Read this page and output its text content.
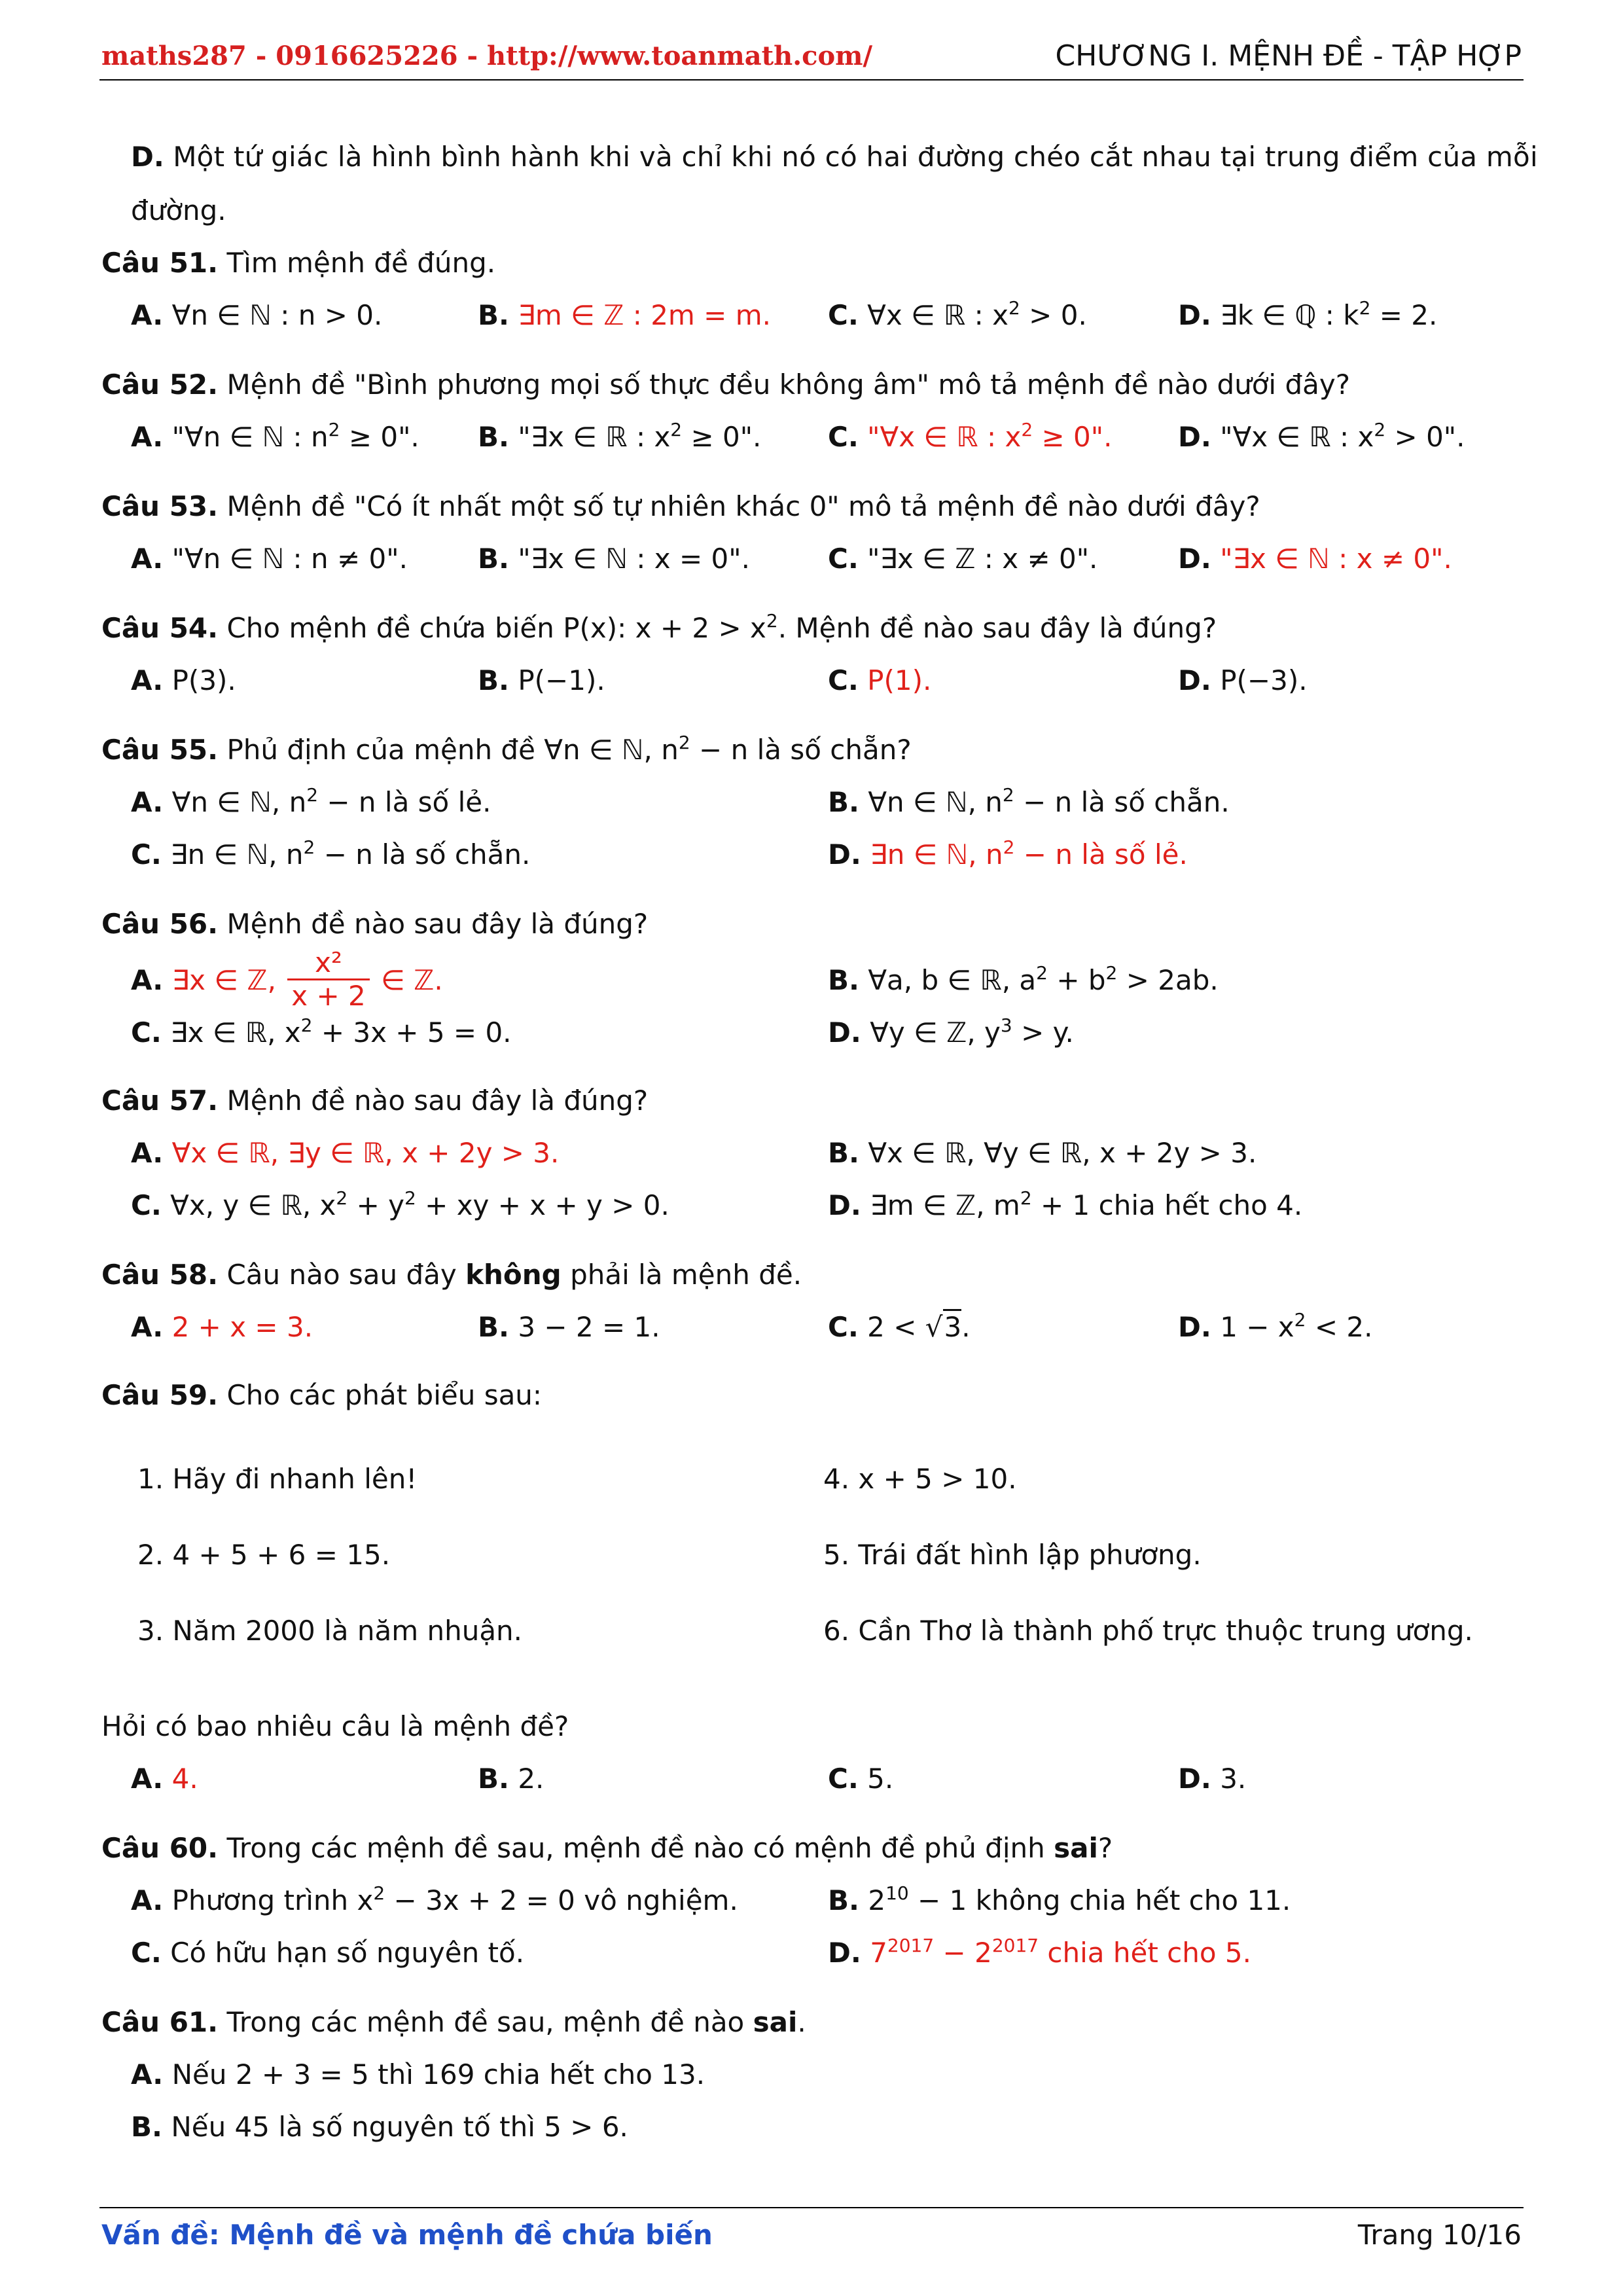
maths287 - 0916625226 - http://www.toanmath.com/	CHƯƠNG I. MỆNH ĐỀ - TẬP HỢP
D. Một tứ giác là hình bình hành khi và chỉ khi nó có hai đường chéo cắt nhau tại trung điểm của mỗi
đường.
Câu 51. Tìm mệnh đề đúng.
A. ∀n ∈ ℕ : n > 0.	B. ∃m ∈ ℤ : 2m = m. C. ∀x ∈ ℝ : $x^2 > 0$.	D. ∃k ∈ ℚ : $k^2 = 2$.
Câu 52. Mệnh đề "Bình phương mọi số thực đều không âm" mô tả mệnh đề nào dưới đây?
A. "∀n ∈ ℕ : $n^2 \ge 0$". B. "∃x ∈ ℝ : $x^2 \ge 0$". C. "∀x ∈ ℝ : $x^2 \ge 0$". D. "∀x ∈ ℝ : $x^2 > 0$".
Câu 53. Mệnh đề "Có ít nhất một số tự nhiên khác 0" mô tả mệnh đề nào dưới đây?
A. "∀n ∈ ℕ : n ≠ 0".	B. "∃x ∈ ℕ : x = 0".	C. "∃x ∈ ℤ : x ≠ 0".	D. "∃x ∈ ℕ : x ≠ 0".
Câu 54. Cho mệnh đề chứa biến P(x): $x + 2 > x^2$. Mệnh đề nào sau đây là đúng?
A. P(3).	B. P(−1).	C. P(1).	D. P(−3).
Câu 55. Phủ định của mệnh đề ∀n ∈ ℕ, $n^2 - n$ là số chẵn?
A. ∀n ∈ ℕ, $n^2 - n$ là số lẻ.	B. ∀n ∈ ℕ, $n^2 - n$ là số chẵn.
C. ∃n ∈ ℕ, $n^2 - n$ là số chẵn.	D. ∃n ∈ ℕ, $n^2 - n$ là số lẻ.
Câu 56. Mệnh đề nào sau đây là đúng?
A. ∃x ∈ ℤ, $\frac{\text{x²}}{x + 2}$ ∈ ℤ.	B. ∀a, b ∈ ℝ, $a^2 + b^2 > 2ab$.
C. ∃x ∈ ℝ, $x^2 + 3x + 5 = 0$.	D. ∀y ∈ ℤ, $y^3 > y$.
Câu 57. Mệnh đề nào sau đây là đúng?
A. ∀x ∈ ℝ, ∃y ∈ ℝ, x + 2y > 3.	B. ∀x ∈ ℝ, ∀y ∈ ℝ, x + 2y > 3.
C. ∀x, y ∈ ℝ, $x^2 + y^2$ + xy + x + y > 0.	D. ∃m ∈ ℤ, $m^2 + 1$ chia hết cho 4.
Câu 58. Câu nào sau đây không phải là mệnh đề.
A. 2 + x = 3.	B. 3 − 2 = 1.	C. 2 < √3.	D. $1 - x^2 < 2$.
Câu 59. Cho các phát biểu sau:
1. Hãy đi nhanh lên!
2. 4 + 5 + 6 = 15.
3. Năm 2000 là năm nhuận.
4. x + 5 > 10.
5. Trái đất hình lập phương.
6. Cần Thơ là thành phố trực thuộc trung ương.
Hỏi có bao nhiêu câu là mệnh đề?
A. 4.	B. 2.	C. 5.	D. 3.
Câu 60. Trong các mệnh đề sau, mệnh đề nào có mệnh đề phủ định sai?
A. Phương trình $x^2 - 3x + 2 = 0$ vô nghiệm.	B. $2^{10} - 1$ không chia hết cho 11.
C. Có hữu hạn số nguyên tố.	D. $7^{2017} - 2^{2017}$ chia hết cho 5.
Câu 61. Trong các mệnh đề sau, mệnh đề nào sai.
A. Nếu 2 + 3 = 5 thì 169 chia hết cho 13.
B. Nếu 45 là số nguyên tố thì 5 > 6.
Vấn đề: Mệnh đề và mệnh đề chứa biến	Trang 10/16
